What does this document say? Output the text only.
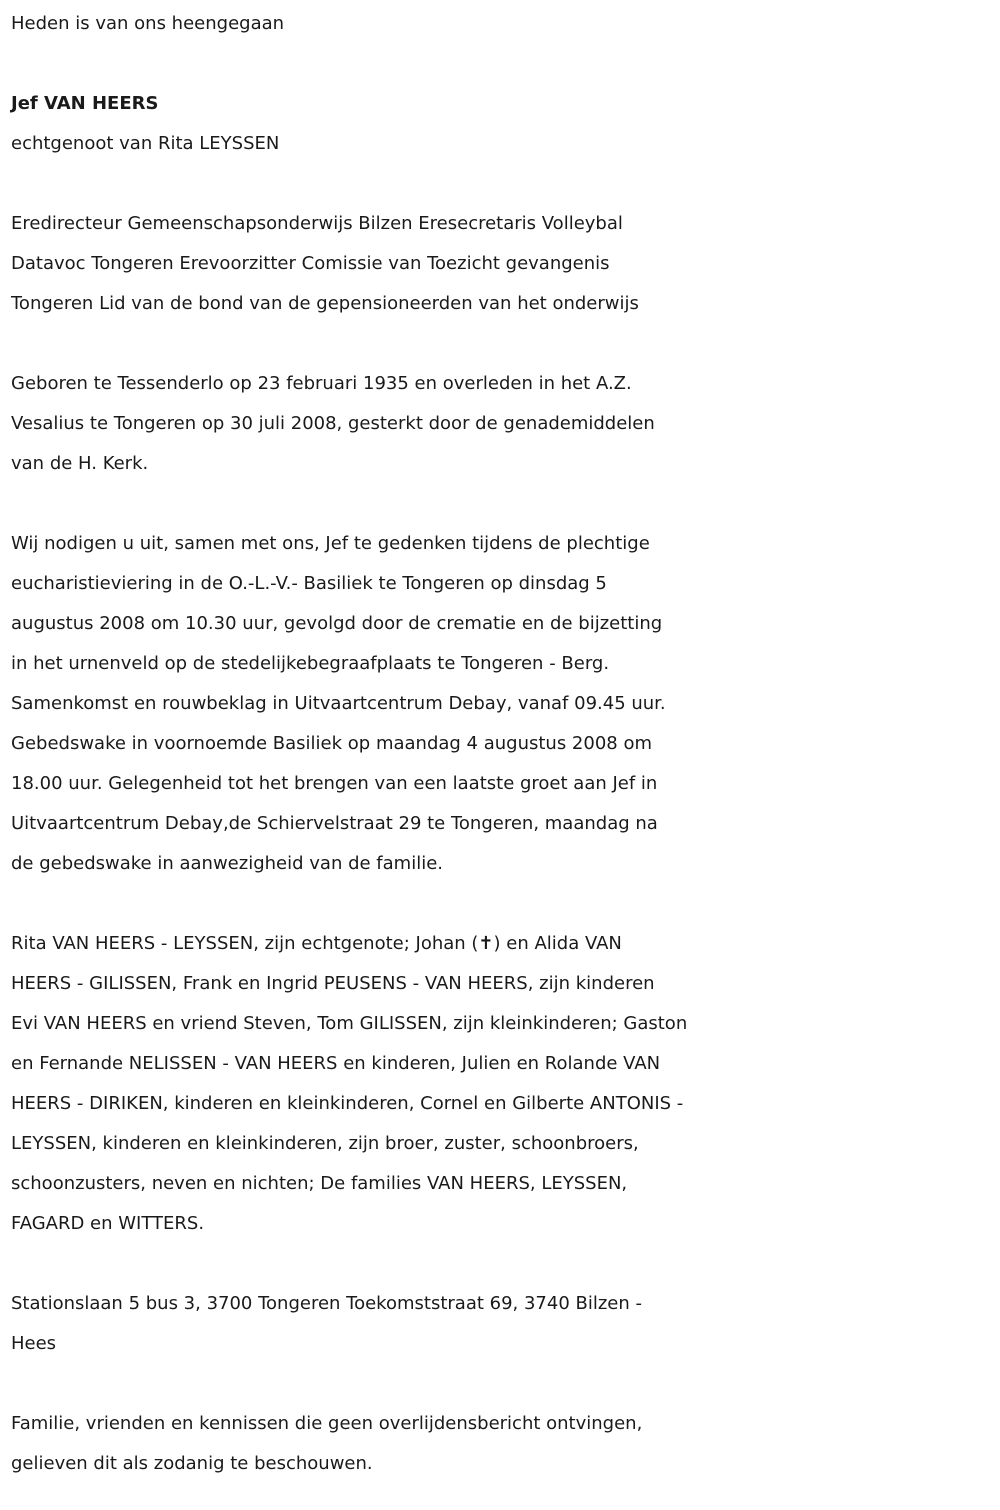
Heden is van ons heengegaan

Jef VAN HEERS

echtgenoot van Rita LEYSSEN

Eredirecteur Gemeenschapsonderwijs Bilzen Eresecretaris Volleybal

Datavoc Tongeren Erevoorzitter Comissie van Toezicht gevangenis

Tongeren Lid van de bond van de gepensioneerden van het onderwijs

Geboren te Tessenderlo op 23 februari 1935 en overleden in het A.Z.

Vesalius te Tongeren op 30 juli 2008, gesterkt door de genademiddelen

van de H. Kerk.

Wij nodigen u uit, samen met ons, Jef te gedenken tijdens de plechtige

eucharistieviering in de O.-L.-V.- Basiliek te Tongeren op dinsdag 5

augustus 2008 om 10.30 uur, gevolgd door de crematie en de bijzetting

in het urnenveld op de stedelijkebegraafplaats te Tongeren - Berg.

Samenkomst en rouwbeklag in Uitvaartcentrum Debay, vanaf 09.45 uur.

Gebedswake in voornoemde Basiliek op maandag 4 augustus 2008 om

18.00 uur. Gelegenheid tot het brengen van een laatste groet aan Jef in

Uitvaartcentrum Debay,de Schiervelstraat 29 te Tongeren, maandag na

de gebedswake in aanwezigheid van de familie.

Rita VAN HEERS - LEYSSEN, zijn echtgenote; Johan (✝) en Alida VAN

HEERS - GILISSEN, Frank en Ingrid PEUSENS - VAN HEERS, zijn kinderen

Evi VAN HEERS en vriend Steven, Tom GILISSEN, zijn kleinkinderen; Gaston

en Fernande NELISSEN - VAN HEERS en kinderen, Julien en Rolande VAN

HEERS - DIRIKEN, kinderen en kleinkinderen, Cornel en Gilberte ANTONIS -

LEYSSEN, kinderen en kleinkinderen, zijn broer, zuster, schoonbroers,

schoonzusters, neven en nichten; De families VAN HEERS, LEYSSEN,

FAGARD en WITTERS.

Stationslaan 5 bus 3, 3700 Tongeren Toekomststraat 69, 3740 Bilzen -

Hees

Familie, vrienden en kennissen die geen overlijdensbericht ontvingen,

gelieven dit als zodanig te beschouwen.
